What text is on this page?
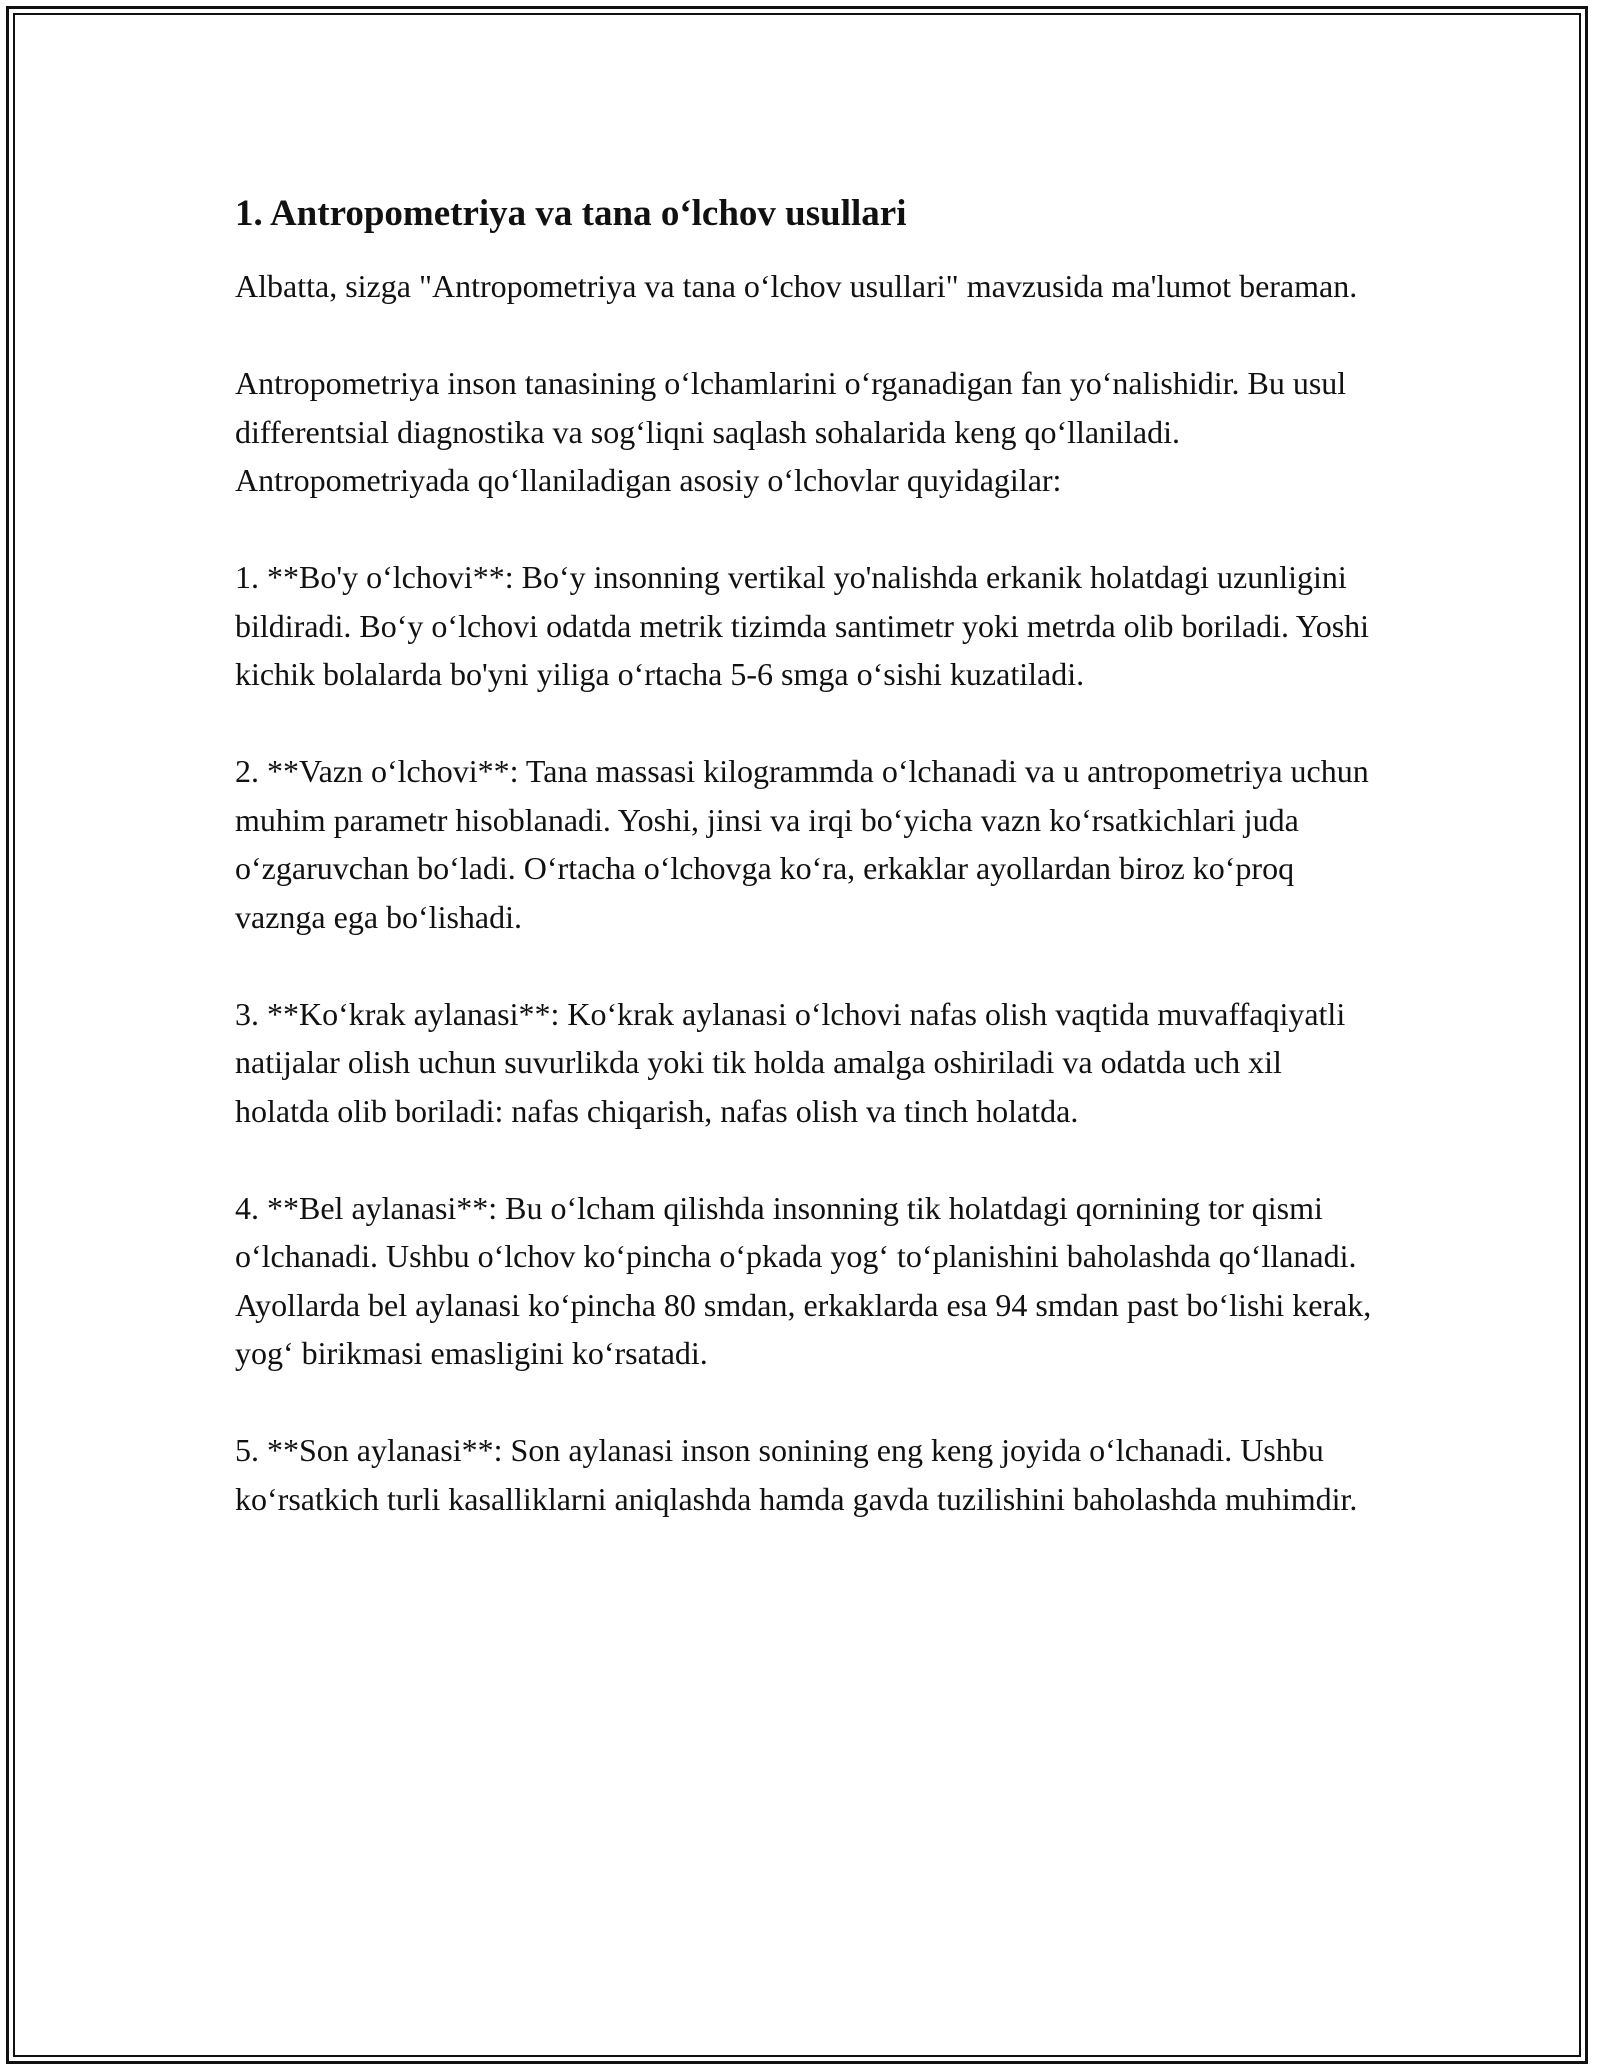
1. Antropometriya va tana o‘lchov usullari

Albatta, sizga "Antropometriya va tana o‘lchov usullari" mavzusida ma'lumot beraman.

Antropometriya inson tanasining o‘lchamlarini o‘rganadigan fan yo‘nalishidir. Bu usul differentsial diagnostika va sog‘liqni saqlash sohalarida keng qo‘llaniladi. Antropometriyada qo‘llaniladigan asosiy o‘lchovlar quyidagilar:

1. **Bo'y o‘lchovi**: Bo‘y insonning vertikal yo'nalishda erkanik holatdagi uzunligini bildiradi. Bo‘y o‘lchovi odatda metrik tizimda santimetr yoki metrda olib boriladi. Yoshi kichik bolalarda bo'yni yiliga o‘rtacha 5-6 smga o‘sishi kuzatiladi.

2. **Vazn o‘lchovi**: Tana massasi kilogrammda o‘lchanadi va u antropometriya uchun muhim parametr hisoblanadi. Yoshi, jinsi va irqi bo‘yicha vazn ko‘rsatkichlari juda o‘zgaruvchan bo‘ladi. O‘rtacha o‘lchovga ko‘ra, erkaklar ayollardan biroz ko‘proq vaznga ega bo‘lishadi.

3. **Ko‘krak aylanasi**: Ko‘krak aylanasi o‘lchovi nafas olish vaqtida muvaffaqiyatli natijalar olish uchun suvurlikda yoki tik holda amalga oshiriladi va odatda uch xil holatda olib boriladi: nafas chiqarish, nafas olish va tinch holatda.

4. **Bel aylanasi**: Bu o‘lcham qilishda insonning tik holatdagi qornining tor qismi o‘lchanadi. Ushbu o‘lchov ko‘pincha o‘pkada yog‘ to‘planishini baholashda qo‘llanadi. Ayollarda bel aylanasi ko‘pincha 80 smdan, erkaklarda esa 94 smdan past bo‘lishi kerak, yog‘ birikmasi emasligini ko‘rsatadi.

5. **Son aylanasi**: Son aylanasi inson sonining eng keng joyida o‘lchanadi. Ushbu ko‘rsatkich turli kasalliklarni aniqlashda hamda gavda tuzilishini baholashda muhimdir.
